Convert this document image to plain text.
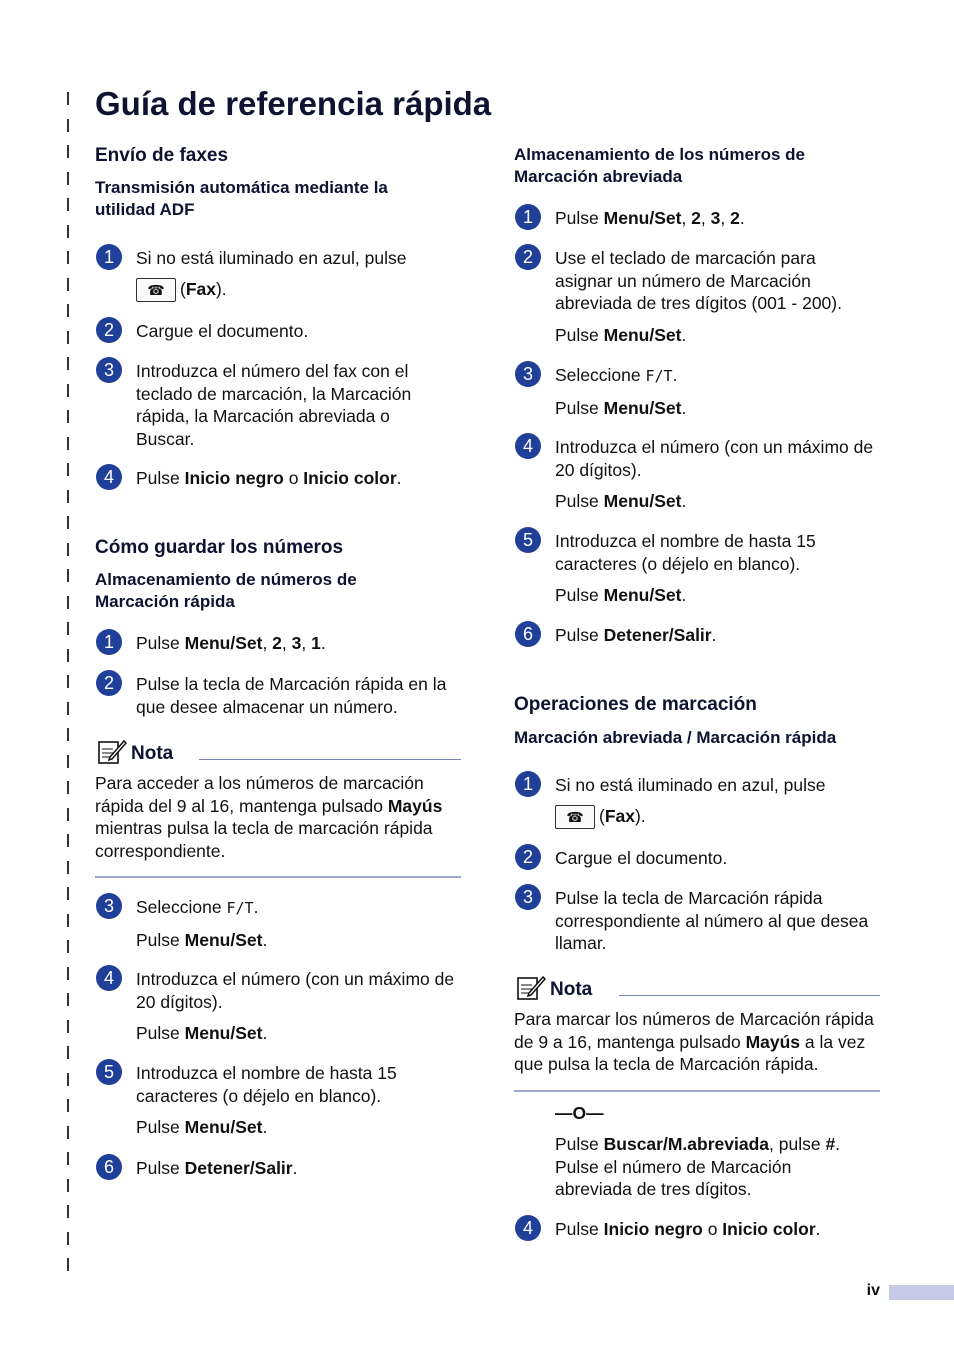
Guía de referencia rápida
Envío de faxes
Transmisión automática mediante la utilidad ADF
1	Si no está iluminado en azul, pulse
☎ (Fax).
2	Cargue el documento.
3	Introduzca el número del fax con el teclado de marcación, la Marcación rápida, la Marcación abreviada o Buscar.
4	Pulse Inicio negro o Inicio color.
Cómo guardar los números
Almacenamiento de números de Marcación rápida
1	Pulse Menu/Set, 2, 3, 1.
2	Pulse la tecla de Marcación rápida en la que desee almacenar un número.
Nota
Para acceder a los números de marcación rápida del 9 al 16, mantenga pulsado Mayús mientras pulsa la tecla de marcación rápida correspondiente.
3	Seleccione F/T.
Pulse Menu/Set.
4	Introduzca el número (con un máximo de 20 dígitos).
Pulse Menu/Set.
5	Introduzca el nombre de hasta 15 caracteres (o déjelo en blanco).
Pulse Menu/Set.
6	Pulse Detener/Salir.
Almacenamiento de los números de Marcación abreviada
1	Pulse Menu/Set, 2, 3, 2.
2	Use el teclado de marcación para asignar un número de Marcación abreviada de tres dígitos (001 - 200).
Pulse Menu/Set.
3	Seleccione F/T.
Pulse Menu/Set.
4	Introduzca el número (con un máximo de 20 dígitos).
Pulse Menu/Set.
5	Introduzca el nombre de hasta 15 caracteres (o déjelo en blanco).
Pulse Menu/Set.
6	Pulse Detener/Salir.
Operaciones de marcación
Marcación abreviada / Marcación rápida
1	Si no está iluminado en azul, pulse
☎ (Fax).
2	Cargue el documento.
3	Pulse la tecla de Marcación rápida correspondiente al número al que desea llamar.
Nota
Para marcar los números de Marcación rápida de 9 a 16, mantenga pulsado Mayús a la vez que pulsa la tecla de Marcación rápida.
—O—
Pulse Buscar/M.abreviada, pulse #. Pulse el número de Marcación abreviada de tres dígitos.
4	Pulse Inicio negro o Inicio color.
iv
